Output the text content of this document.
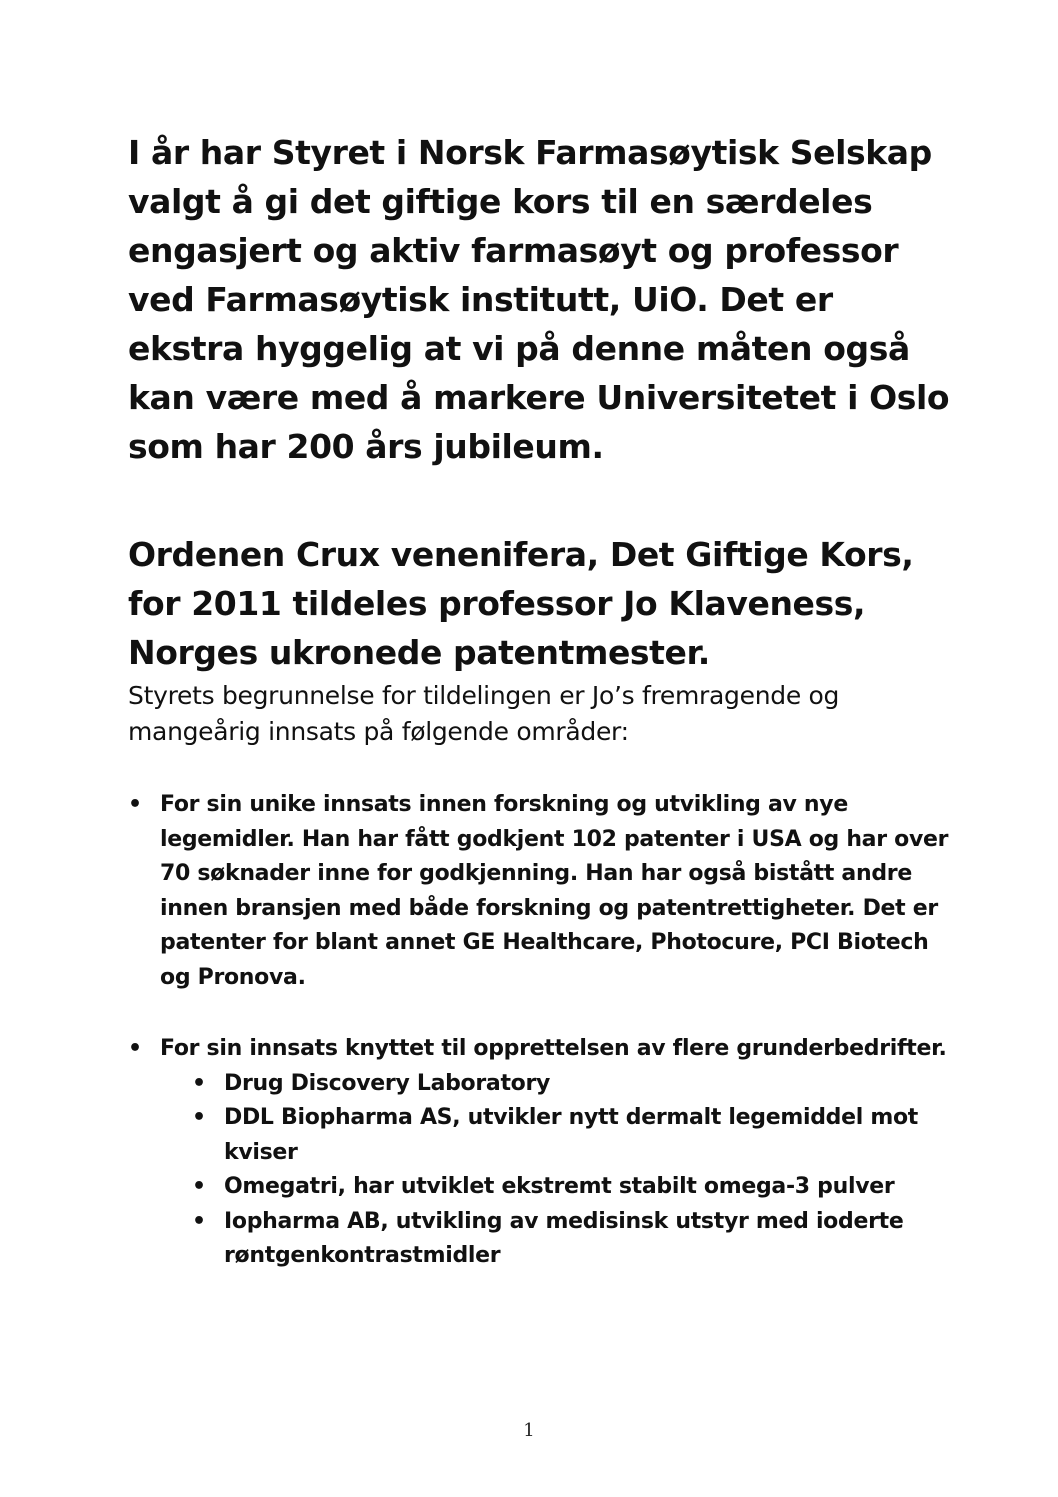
I år har Styret i Norsk Farmasøytisk Selskap valgt å gi det giftige kors til en særdeles engasjert og aktiv farmasøyt og professor ved Farmasøytisk institutt, UiO. Det er ekstra hyggelig at vi på denne måten også kan være med å markere Universitetet i Oslo som har 200 års jubileum.

Ordenen Crux venenifera, Det Giftige Kors, for 2011 tildeles professor Jo Klaveness, Norges ukronede patentmester.

Styrets begrunnelse for tildelingen er Jo’s fremragende og mangeårig innsats på følgende områder:

• For sin unike innsats innen forskning og utvikling av nye legemidler. Han har fått godkjent 102 patenter i USA og har over 70 søknader inne for godkjenning. Han har også bistått andre innen bransjen med både forskning og patentrettigheter. Det er patenter for blant annet GE Healthcare, Photocure, PCI Biotech og Pronova.
• For sin innsats knyttet til opprettelsen av flere grunderbedrifter.
• Drug Discovery Laboratory
• DDL Biopharma AS, utvikler nytt dermalt legemiddel mot kviser
• Omegatri, har utviklet ekstremt stabilt omega-3 pulver
• Iopharma AB, utvikling av medisinsk utstyr med ioderte røntgenkontrastmidler
1
